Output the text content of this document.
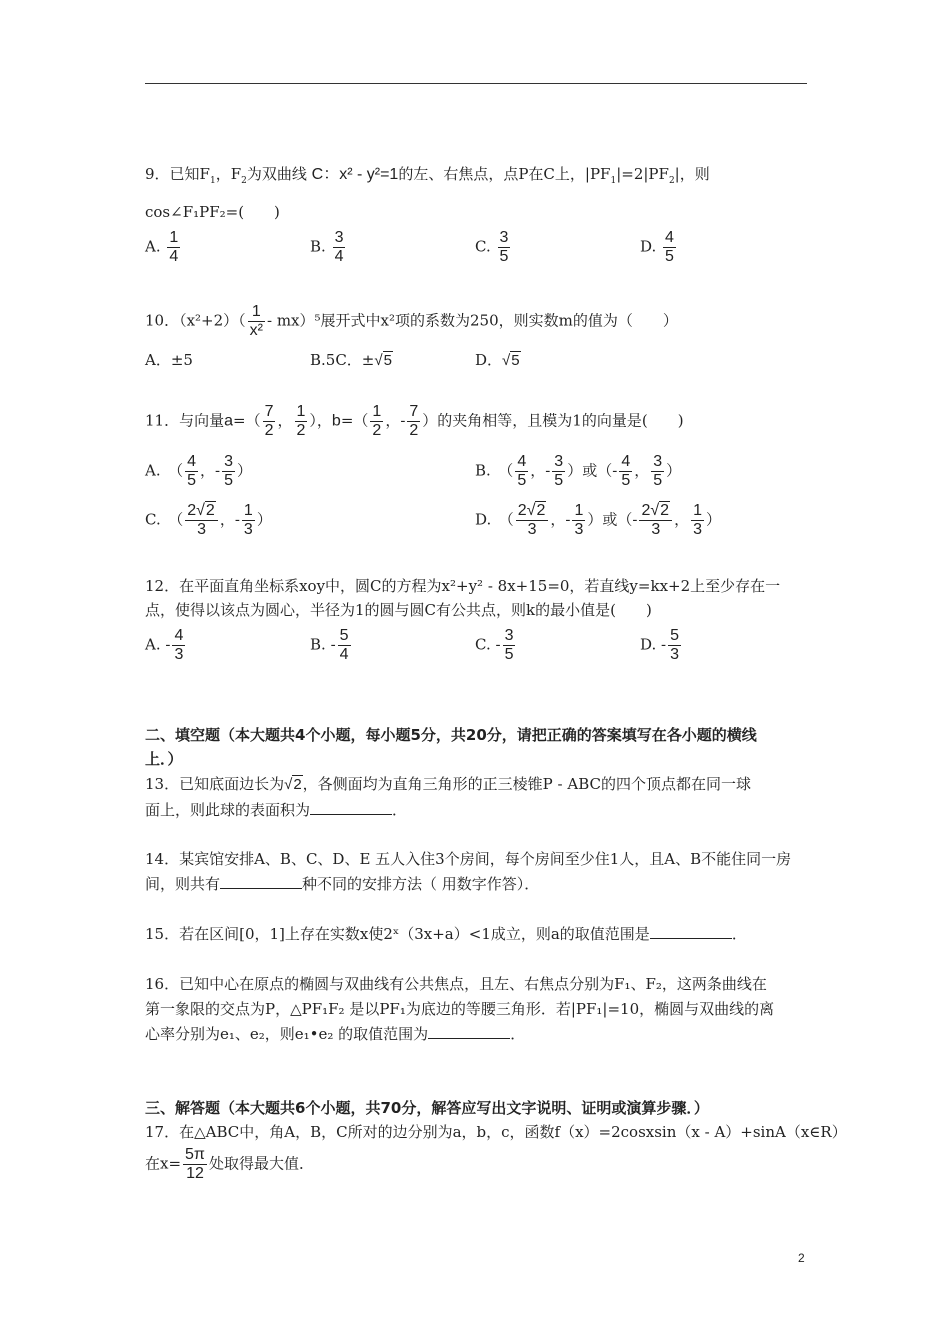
9．已知$F_1$，$F_2$为双曲线 C：x² - y²=1的左、右焦点，点P在C上，$|PF_1|=2|PF_2|$，则
cos∠F₁PF₂=(　　)
A. $\frac{1}{4}$	B. $\frac{3}{4}$	C. $\frac{3}{5}$	D. $\frac{4}{5}$
10．$(x^2+2)( \frac{1}{\text{x²}} - mx)^5$展开式中x²项的系数为250，则实数m的值为（　　）
A．±5	B.5C．±√5	D．√5
11．与向量$a=( \frac{7}{2}$ ， $\frac{1}{2}$ ），$b=( \frac{1}{2}$ ，- $\frac{7}{2}$ ）的夹角相等，且模为1的向量是(　　)
A.　（ $\frac{4}{5}$ ，- $\frac{3}{5}$ ）	B.　（ $\frac{4}{5}$ ，- $\frac{3}{5}$ ）或（- $\frac{4}{5}$ ， $\frac{3}{5}$ ）
C.　（ $\frac{2√2}{3}$ ，- $\frac{1}{3}$ ）	D.　（ $\frac{2√2}{3}$ ，- $\frac{1}{3}$ ）或（- $\frac{2√2}{3}$ ， $\frac{1}{3}$ ）
12．在平面直角坐标系xoy中，圆C的方程为x²+y² - 8x+15=0，若直线y=kx+2上至少存在一
点，使得以该点为圆心，半径为1的圆与圆C有公共点，则k的最小值是(　　)
A. - $\frac{4}{3}$	B. - $\frac{5}{4}$	C. - $\frac{3}{5}$	D. - $\frac{5}{3}$
二、填空题（本大题共4个小题，每小题5分，共20分，请把正确的答案填写在各小题的横线
上．）
13．已知底面边长为√2，各侧面均为直角三角形的正三棱锥P - ABC的四个顶点都在同一球
面上，则此球的表面积为	．
14．某宾馆安排A、B、C、D、E 五人入住3个房间，每个房间至少住1人，且A、B不能住同一房
间，则共有	种不同的安排方法（ 用数字作答）．
15．若在区间[0，1]上存在实数x使2ˣ（3x+a）<1成立，则a的取值范围是	．
16．已知中心在原点的椭圆与双曲线有公共焦点，且左、右焦点分别为F₁、F₂，这两条曲线在
第一象限的交点为P，△PF₁F₂ 是以PF₁为底边的等腰三角形．若|PF₁|=10，椭圆与双曲线的离
心率分别为e₁、e₂，则e₁•e₂ 的取值范围为	．
三、解答题（本大题共6个小题，共70分，解答应写出文字说明、证明或演算步骤．）
17．在△ABC中，角A，B，C所对的边分别为a，b，c，函数f（x）=2cosxsin（x - A）+sinA（x∈R）
在$x= \frac{5\pi}{12}$ 处取得最大值．
2
